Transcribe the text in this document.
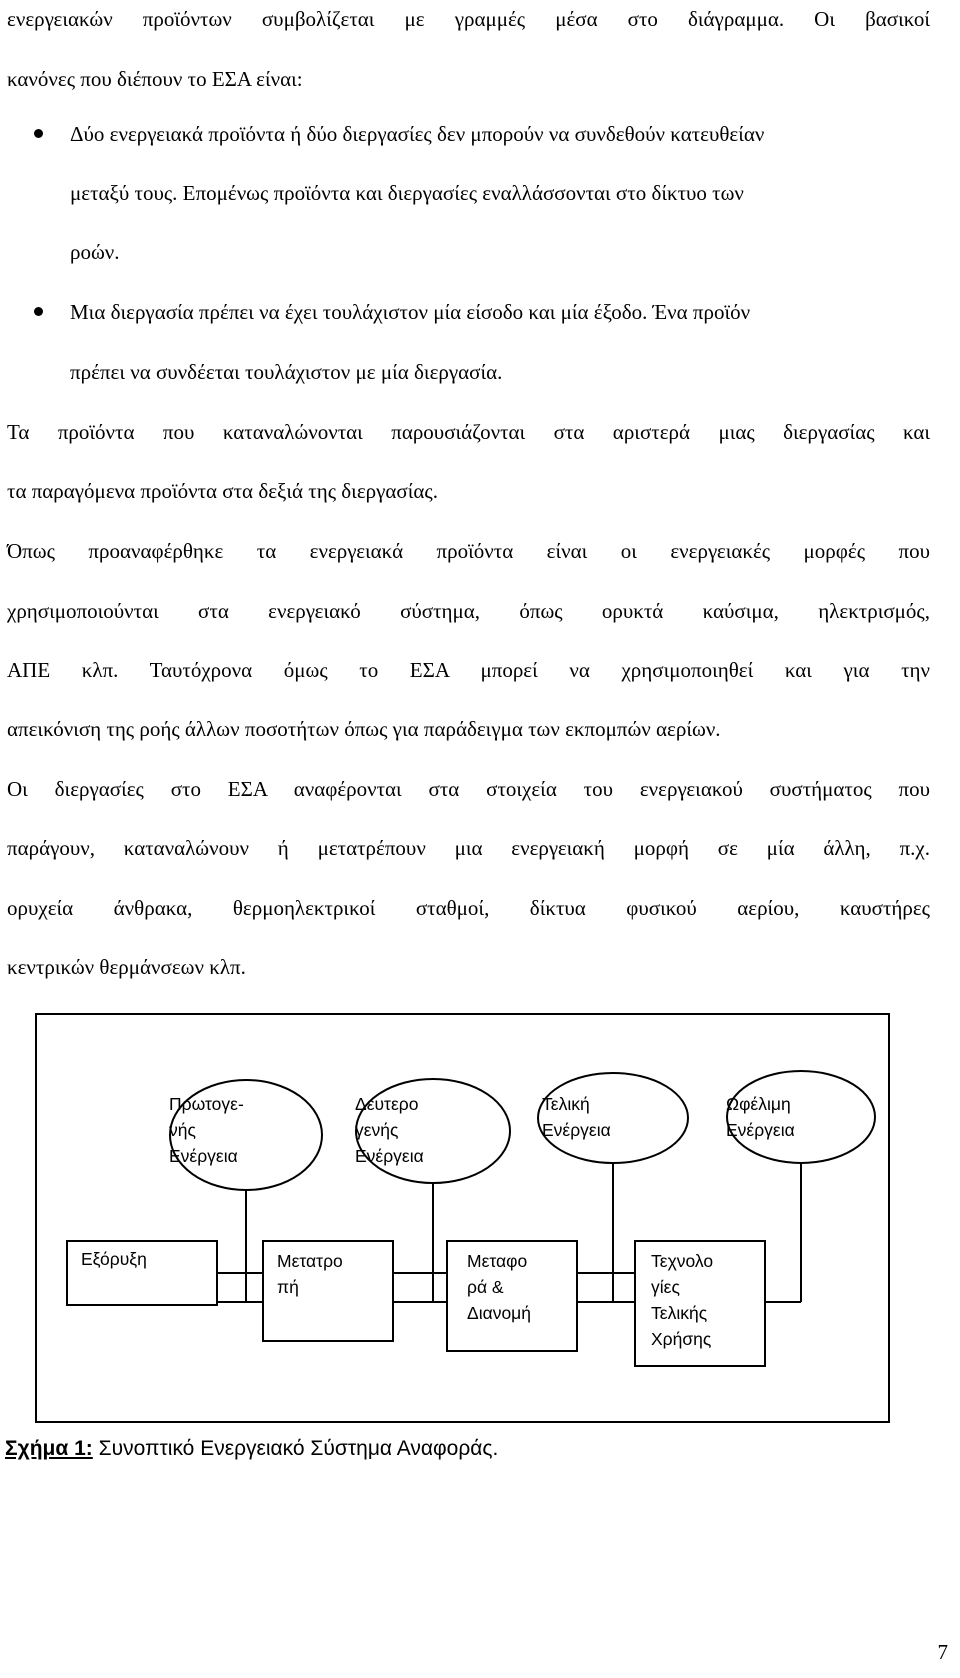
ενεργειακών προϊόντων συμβολίζεται με γραμμές μέσα στο διάγραμμα. Οι βασικοί
κανόνες που διέπουν το ΕΣΑ είναι:
Δύο ενεργειακά προϊόντα ή δύο διεργασίες δεν μπορούν να συνδεθούν κατευθείαν
μεταξύ τους. Επομένως προϊόντα και διεργασίες εναλλάσσονται στο δίκτυο των
ροών.
Μια διεργασία πρέπει να έχει τουλάχιστον μία είσοδο και μία έξοδο. Ένα προϊόν
πρέπει να συνδέεται τουλάχιστον με μία διεργασία.
Τα προϊόντα που καταναλώνονται παρουσιάζονται στα αριστερά μιας διεργασίας και
τα παραγόμενα προϊόντα στα δεξιά της διεργασίας.
Όπως προαναφέρθηκε τα ενεργειακά προϊόντα είναι οι ενεργειακές μορφές που
χρησιμοποιούνται στα ενεργειακό σύστημα, όπως ορυκτά καύσιμα, ηλεκτρισμός,
ΑΠΕ κλπ. Ταυτόχρονα όμως το ΕΣΑ μπορεί να χρησιμοποιηθεί και για την
απεικόνιση της ροής άλλων ποσοτήτων όπως για παράδειγμα των εκπομπών αερίων.
Οι διεργασίες στο ΕΣΑ αναφέρονται στα στοιχεία του ενεργειακού συστήματος που
παράγουν, καταναλώνουν ή μετατρέπουν μια ενεργειακή μορφή σε μία άλλη, π.χ.
ορυχεία άνθρακα, θερμοηλεκτρικοί σταθμοί, δίκτυα φυσικού αερίου, καυστήρες
κεντρικών θερμάνσεων κλπ.
Πρωτογε-
νής
Ενέργεια
Δευτερο
γενής
Ενέργεια
Τελική
Ενέργεια
Ωφέλιμη
Ενέργεια
Εξόρυξη	Μετατρο
πή
Μεταφο
ρά &
Διανομή
Τεχνολο
γίες
Τελικής
Χρήσης
Σχήμα 1: Συνοπτικό Ενεργειακό Σύστημα Αναφοράς.
7
